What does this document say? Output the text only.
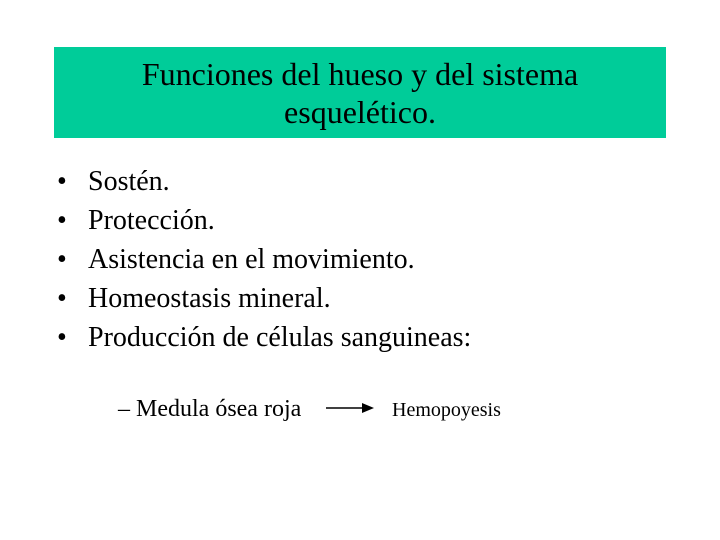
Funciones del hueso y del sistema
esquelético.
• Sostén.
• Protección.
• Asistencia en el movimiento.
• Homeostasis mineral.
• Producción de células sanguineas:
– Medula ósea roja	Hemopoyesis
